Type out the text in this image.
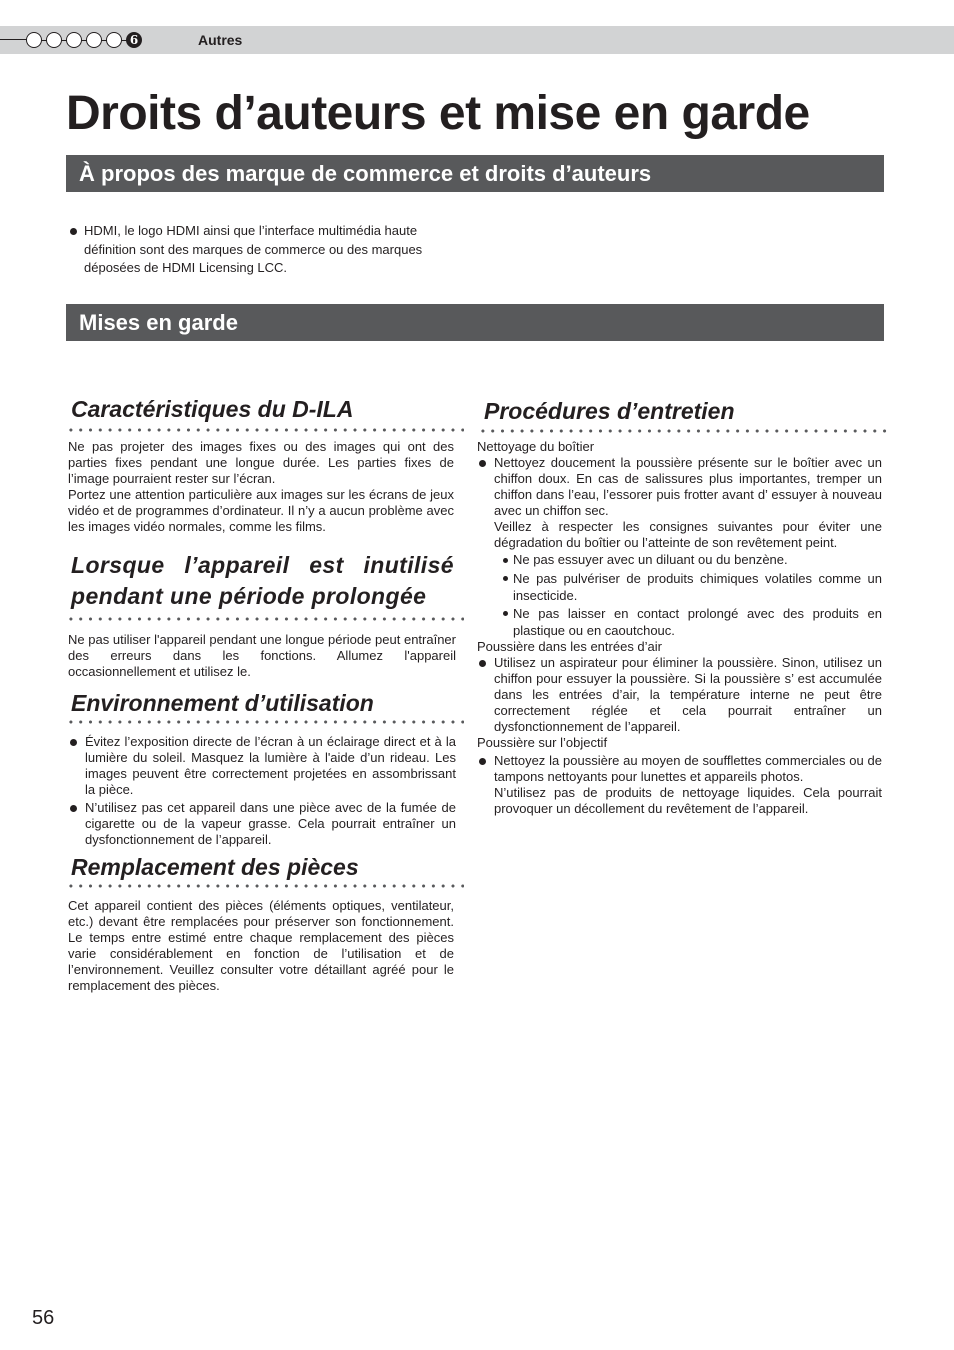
6	Autres
Droits d’auteurs et mise en garde
À propos des marque de commerce et droits d’auteurs
HDMI, le logo HDMI ainsi que l’interface multimédia haute définition sont des marques de commerce ou des marques déposées de HDMI Licensing LCC.
Mises en garde
Caractéristiques du D-ILA

Ne pas projeter des images fixes ou des images qui ont des parties fixes pendant une longue durée. Les parties fixes de l’image pourraient rester sur l’écran.

Portez une attention particulière aux images sur les écrans de jeux vidéo et de programmes d’ordinateur. Il n’y a aucun problème avec les images vidéo normales, comme les films.

Lorsque l’appareil est inutilisé
pendant une période prolongée

Ne pas utiliser l'appareil pendant une longue période peut entraîner des erreurs dans les fonctions. Allumez l'appareil occasionnellement et utilisez le.

Environnement d’utilisation
Évitez l’exposition directe de l’écran à un éclairage direct et à la lumière du soleil. Masquez la lumière à l'aide d’un rideau. Les images peuvent être correctement projetées en assombrissant la pièce.
N’utilisez pas cet appareil dans une pièce avec de la fumée de cigarette ou de la vapeur grasse. Cela pourrait entraîner un dysfonctionnement de l’appareil.
Remplacement des pièces

Cet appareil contient des pièces (éléments optiques, ventilateur, etc.) devant être remplacées pour préserver son fonctionnement. Le temps entre estimé entre chaque remplacement des pièces varie considérablement en fonction de l’utilisation et de l’environnement. Veuillez consulter votre détaillant agréé pour le remplacement des pièces.

Procédures d’entretien

Nettoyage du boîtier

Nettoyez doucement la poussière présente sur le boîtier avec un chiffon doux. En cas de salissures plus importantes, tremper un chiffon dans l’eau, l’essorer puis frotter avant d’ essuyer à nouveau avec un chiffon sec.
Veillez à respecter les consignes suivantes pour éviter une dégradation du boîtier ou l’atteinte de son revêtement peint.
Ne pas essuyer avec un diluant ou du benzène.
Ne pas pulvériser de produits chimiques volatiles comme un insecticide.
Ne pas laisser en contact prolongé avec des produits en plastique ou en caoutchouc.

Poussière dans les entrées d’air

Utilisez un aspirateur pour éliminer la poussière. Sinon, utilisez un chiffon pour essuyer la poussière. Si la poussière s’ est accumulée dans les entrées d’air, la température interne ne peut être correctement réglée et cela pourrait entraîner un dysfonctionnement de l’appareil.

Poussière sur l’objectif

Nettoyez la poussière au moyen de soufflettes commerciales ou de tampons nettoyants pour lunettes et appareils photos.
N’utilisez pas de produits de nettoyage liquides. Cela pourrait provoquer un décollement du revêtement de l’appareil.
56
